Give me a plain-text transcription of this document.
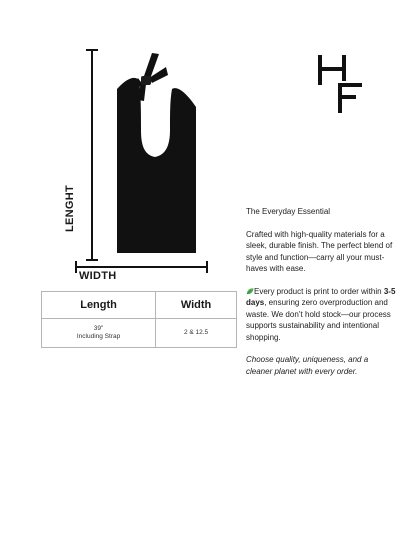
LENGHT
WIDTH
Length	Width
39"
Including Strap	2 & 12.5

The Everyday Essential

Crafted with high-quality materials for a sleek, durable finish. The perfect blend of style and function—carry all your must-haves with ease.

Every product is print to order within 3-5 days, ensuring zero overproduction and waste. We don’t hold stock—our process supports sustainability and intentional shopping.

Choose quality, uniqueness, and a cleaner planet with every order.
